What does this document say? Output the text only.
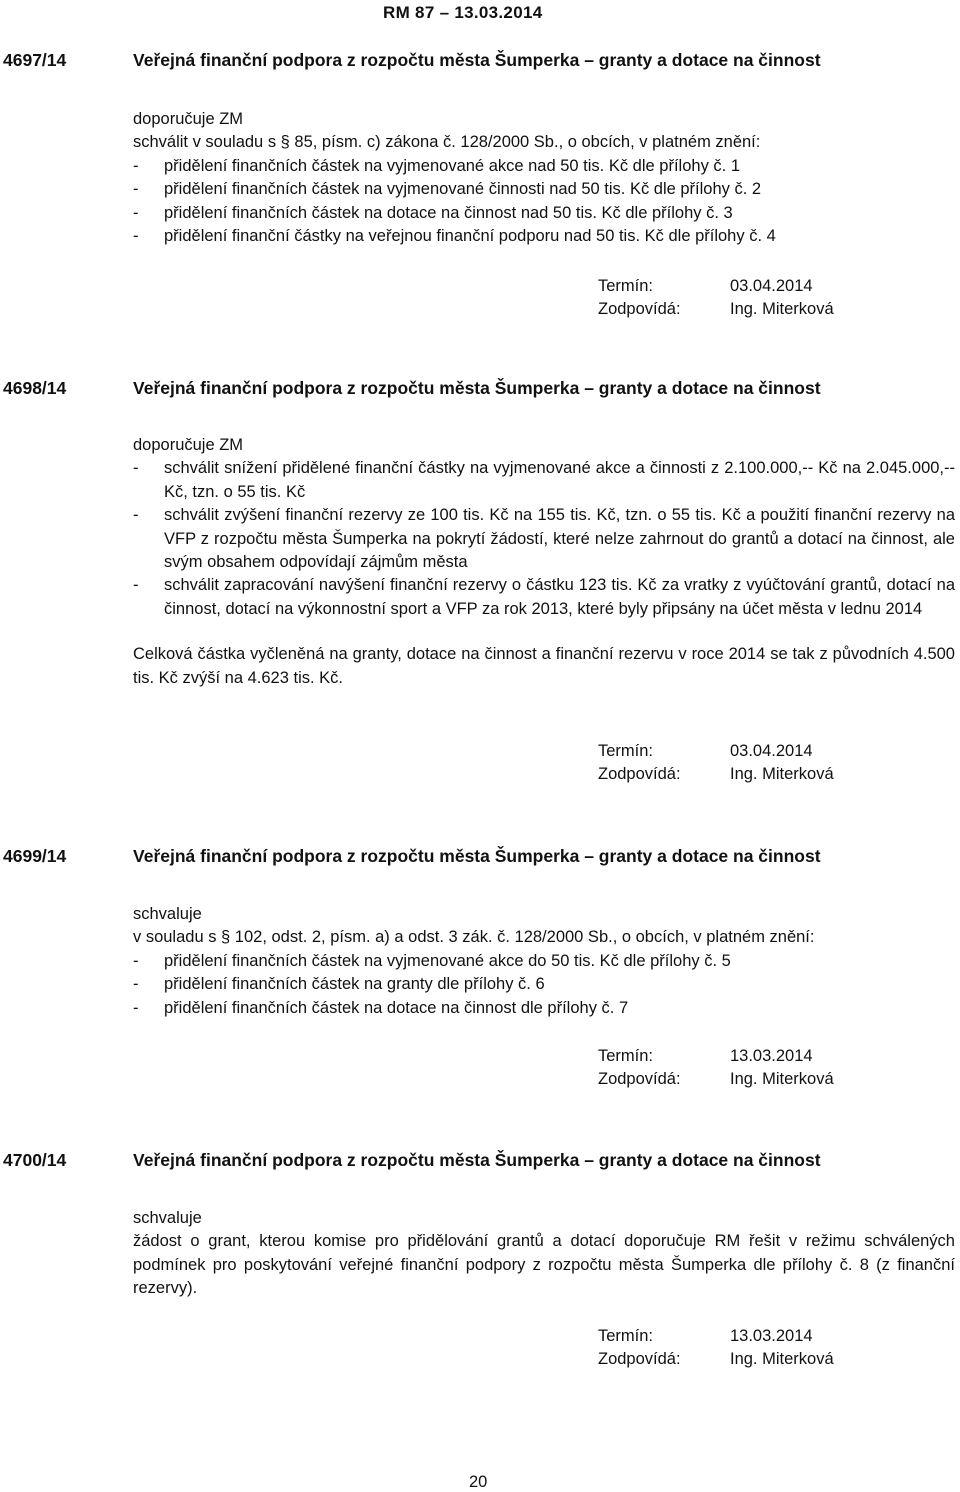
RM 87 – 13.03.2014
4697/14	Veřejná finanční podpora z rozpočtu města Šumperka – granty a dotace na činnost
doporučuje ZM
schválit v souladu s § 85, písm. c) zákona č. 128/2000 Sb., o obcích, v platném znění:
- přidělení finančních částek na vyjmenované akce nad 50 tis. Kč dle přílohy č. 1
- přidělení finančních částek na vyjmenované činnosti nad 50 tis. Kč dle přílohy č. 2
- přidělení finančních částek na dotace na činnost nad 50 tis. Kč dle přílohy č. 3
- přidělení finanční částky na veřejnou finanční podporu nad 50 tis. Kč dle přílohy č. 4
Termín:	03.04.2014
Zodpovídá:	Ing. Miterková
4698/14	Veřejná finanční podpora z rozpočtu města Šumperka – granty a dotace na činnost
doporučuje ZM
- schválit snížení přidělené finanční částky na vyjmenované akce a činnosti z 2.100.000,-- Kč na 2.045.000,--Kč, tzn. o 55 tis. Kč
- schválit zvýšení finanční rezervy ze 100 tis. Kč na 155 tis. Kč, tzn. o 55 tis. Kč a použití finanční rezervy na VFP z rozpočtu města Šumperka na pokrytí žádostí, které nelze zahrnout do grantů a dotací na činnost, ale svým obsahem odpovídají zájmům města
- schválit zapracování navýšení finanční rezervy o částku 123 tis. Kč za vratky z vyúčtování grantů, dotací na činnost, dotací na výkonnostní sport a VFP za rok 2013, které byly připsány na účet města v lednu 2014
Celková částka vyčleněná na granty, dotace na činnost a finanční rezervu v roce 2014 se tak z původních 4.500 tis. Kč zvýší na 4.623 tis. Kč.
Termín:	03.04.2014
Zodpovídá:	Ing. Miterková
4699/14	Veřejná finanční podpora z rozpočtu města Šumperka – granty a dotace na činnost
schvaluje
v souladu s § 102, odst. 2, písm. a) a odst. 3 zák. č. 128/2000 Sb., o obcích, v platném znění:
- přidělení finančních částek na vyjmenované akce do 50 tis. Kč dle přílohy č. 5
- přidělení finančních částek na granty dle přílohy č. 6
- přidělení finančních částek na dotace na činnost dle přílohy č. 7
Termín:	13.03.2014
Zodpovídá:	Ing. Miterková
4700/14	Veřejná finanční podpora z rozpočtu města Šumperka – granty a dotace na činnost
schvaluje
žádost o grant, kterou komise pro přidělování grantů a dotací doporučuje RM řešit v režimu schválených podmínek pro poskytování veřejné finanční podpory z rozpočtu města Šumperka dle přílohy č. 8 (z finanční rezervy).
Termín:	13.03.2014
Zodpovídá:	Ing. Miterková
20
